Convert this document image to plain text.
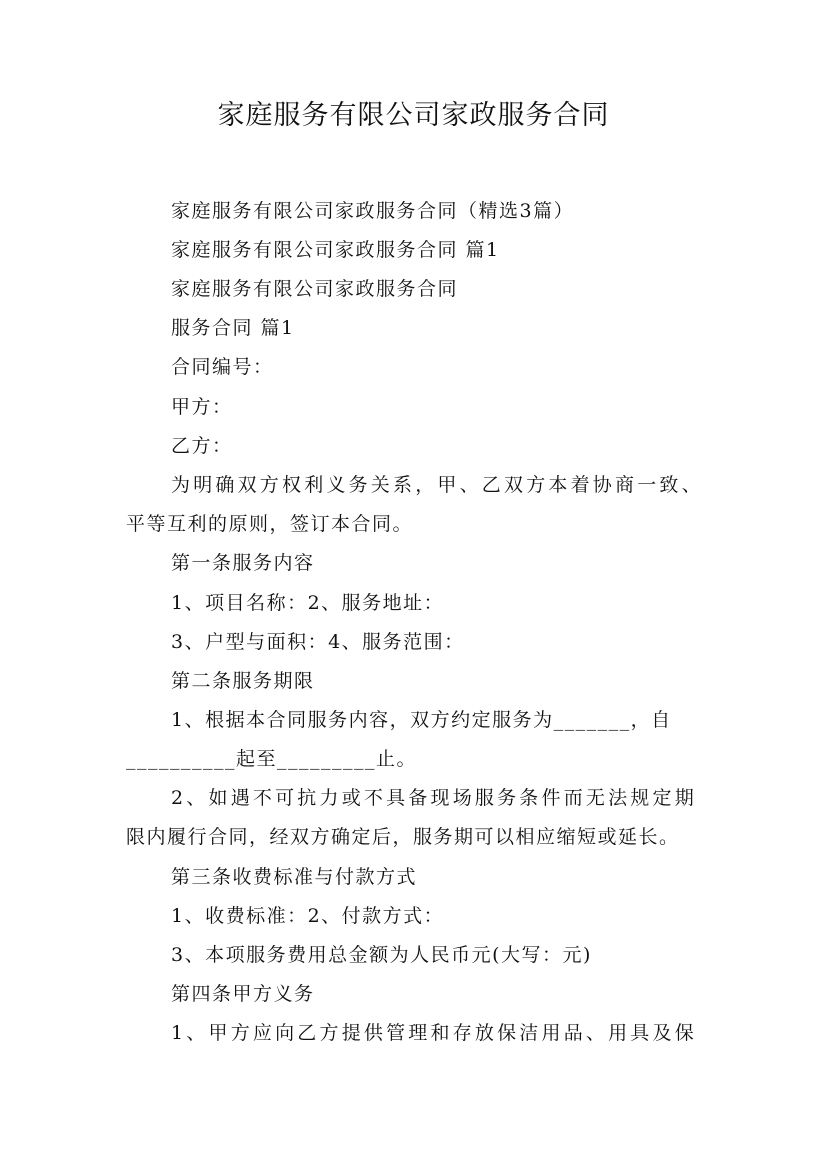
家庭服务有限公司家政服务合同
家庭服务有限公司家政服务合同（精选3篇）
家庭服务有限公司家政服务合同 篇1
家庭服务有限公司家政服务合同
服务合同 篇1
合同编号：
甲方：
乙方：
为明确双方权利义务关系，甲、乙双方本着协商一致、
平等互利的原则，签订本合同。
第一条服务内容
1、项目名称：2、服务地址：
3、户型与面积：4、服务范围：
第二条服务期限
1、根据本合同服务内容，双方约定服务为_______，自
__________起至_________止。
2、如遇不可抗力或不具备现场服务条件而无法规定期
限内履行合同，经双方确定后，服务期可以相应缩短或延长。
第三条收费标准与付款方式
1、收费标准：2、付款方式：
3、本项服务费用总金额为人民币元(大写：元)
第四条甲方义务
1、甲方应向乙方提供管理和存放保洁用品、用具及保
